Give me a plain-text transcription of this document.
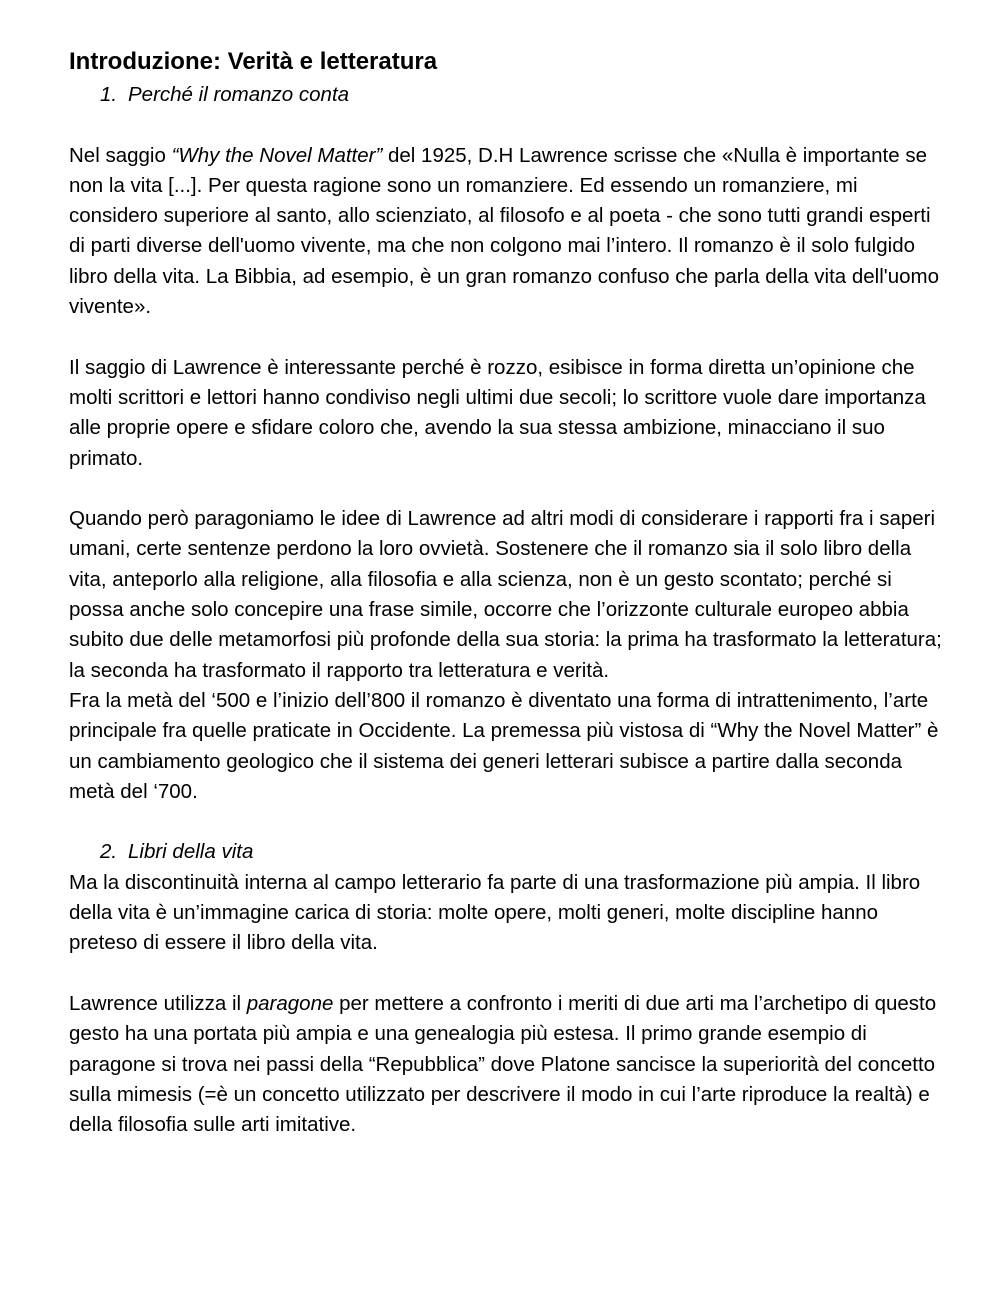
Introduzione: Verità e letteratura
1. Perché il romanzo conta

Nel saggio “Why the Novel Matter” del 1925, D.H Lawrence scrisse che «Nulla è importante se non la vita [...]. Per questa ragione sono un romanziere. Ed essendo un romanziere, mi considero superiore al santo, allo scienziato, al filosofo e al poeta - che sono tutti grandi esperti di parti diverse dell'uomo vivente, ma che non colgono mai l’intero. Il romanzo è il solo fulgido libro della vita. La Bibbia, ad esempio, è un gran romanzo confuso che parla della vita dell'uomo vivente».

Il saggio di Lawrence è interessante perché è rozzo, esibisce in forma diretta un’opinione che molti scrittori e lettori hanno condiviso negli ultimi due secoli; lo scrittore vuole dare importanza alle proprie opere e sfidare coloro che, avendo la sua stessa ambizione, minacciano il suo primato.

Quando però paragoniamo le idee di Lawrence ad altri modi di considerare i rapporti fra i saperi umani, certe sentenze perdono la loro ovvietà. Sostenere che il romanzo sia il solo libro della vita, anteporlo alla religione, alla filosofia e alla scienza, non è un gesto scontato; perché si possa anche solo concepire una frase simile, occorre che l’orizzonte culturale europeo abbia subito due delle metamorfosi più profonde della sua storia: la prima ha trasformato la letteratura; la seconda ha trasformato il rapporto tra letteratura e verità.

Fra la metà del ‘500 e l’inizio dell’800 il romanzo è diventato una forma di intrattenimento, l’arte principale fra quelle praticate in Occidente. La premessa più vistosa di “Why the Novel Matter” è un cambiamento geologico che il sistema dei generi letterari subisce a partire dalla seconda metà del ‘700.

2. Libri della vita

Ma la discontinuità interna al campo letterario fa parte di una trasformazione più ampia. Il libro della vita è un’immagine carica di storia: molte opere, molti generi, molte discipline hanno preteso di essere il libro della vita.

Lawrence utilizza il paragone per mettere a confronto i meriti di due arti ma l’archetipo di questo gesto ha una portata più ampia e una genealogia più estesa. Il primo grande esempio di paragone si trova nei passi della “Repubblica” dove Platone sancisce la superiorità del concetto sulla mimesis (=è un concetto utilizzato per descrivere il modo in cui l’arte riproduce la realtà) e della filosofia sulle arti imitative.
